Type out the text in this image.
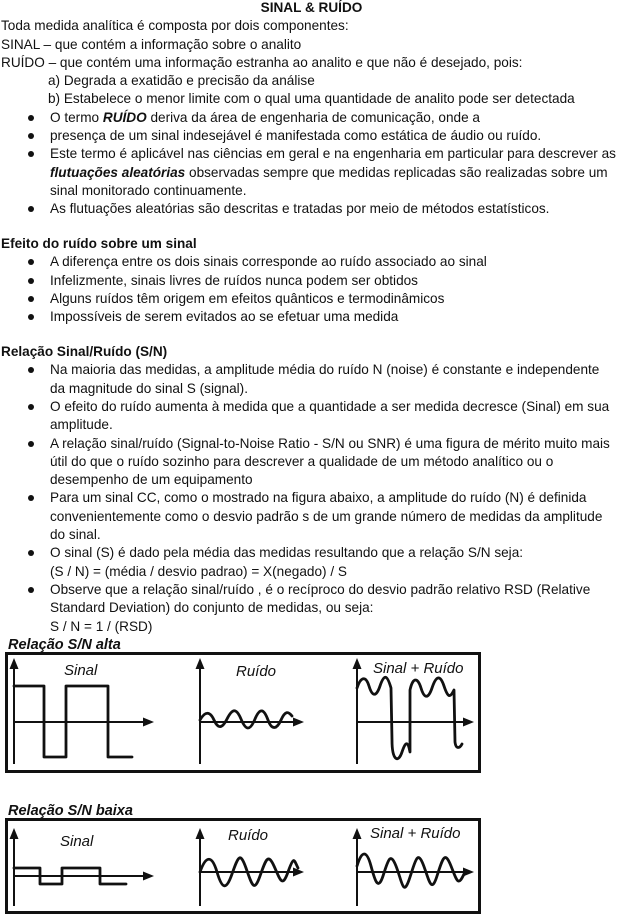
SINAL & RUÍDO
Toda medida analítica é composta por dois componentes:
SINAL – que contém a informação sobre o analito
RUÍDO – que contém uma informação estranha ao analito e que não é desejado, pois:
a) Degrada a exatidão e precisão da análise
b) Estabelece o menor limite com o qual uma quantidade de analito pode ser detectada
O termo RUÍDO deriva da área de engenharia de comunicação, onde a
presença de um sinal indesejável é manifestada como estática de áudio ou ruído.
Este termo é aplicável nas ciências em geral e na engenharia em particular para descrever as
flutuações aleatórias observadas sempre que medidas replicadas são realizadas sobre um
sinal monitorado continuamente.
As flutuações aleatórias são descritas e tratadas por meio de métodos estatísticos.
Efeito do ruído sobre um sinal
A diferença entre os dois sinais corresponde ao ruído associado ao sinal
Infelizmente, sinais livres de ruídos nunca podem ser obtidos
Alguns ruídos têm origem em efeitos quânticos e termodinâmicos
Impossíveis de serem evitados ao se efetuar uma medida
Relação Sinal/Ruído (S/N)
Na maioria das medidas, a amplitude média do ruído N (noise) é constante e independente
da magnitude do sinal S (signal).
O efeito do ruído aumenta à medida que a quantidade a ser medida decresce (Sinal) em sua
amplitude.
A relação sinal/ruído (Signal-to-Noise Ratio - S/N ou SNR) é uma figura de mérito muito mais
útil do que o ruído sozinho para descrever a qualidade de um método analítico ou o
desempenho de um equipamento
Para um sinal CC, como o mostrado na figura abaixo, a amplitude do ruído (N) é definida
convenientemente como o desvio padrão s de um grande número de medidas da amplitude
do sinal.
O sinal (S) é dado pela média das medidas resultando que a relação S/N seja:
(S / N) = (média / desvio padrao) = X(negado) / S
Observe que a relação sinal/ruído , é o recíproco do desvio padrão relativo RSD (Relative
Standard Deviation) do conjunto de medidas, ou seja:
S / N = 1 / (RSD)
Relação S/N alta
Sinal	Ruído	Sinal + Ruído
Relação S/N baixa
Sinal	Ruído	Sinal + Ruído
